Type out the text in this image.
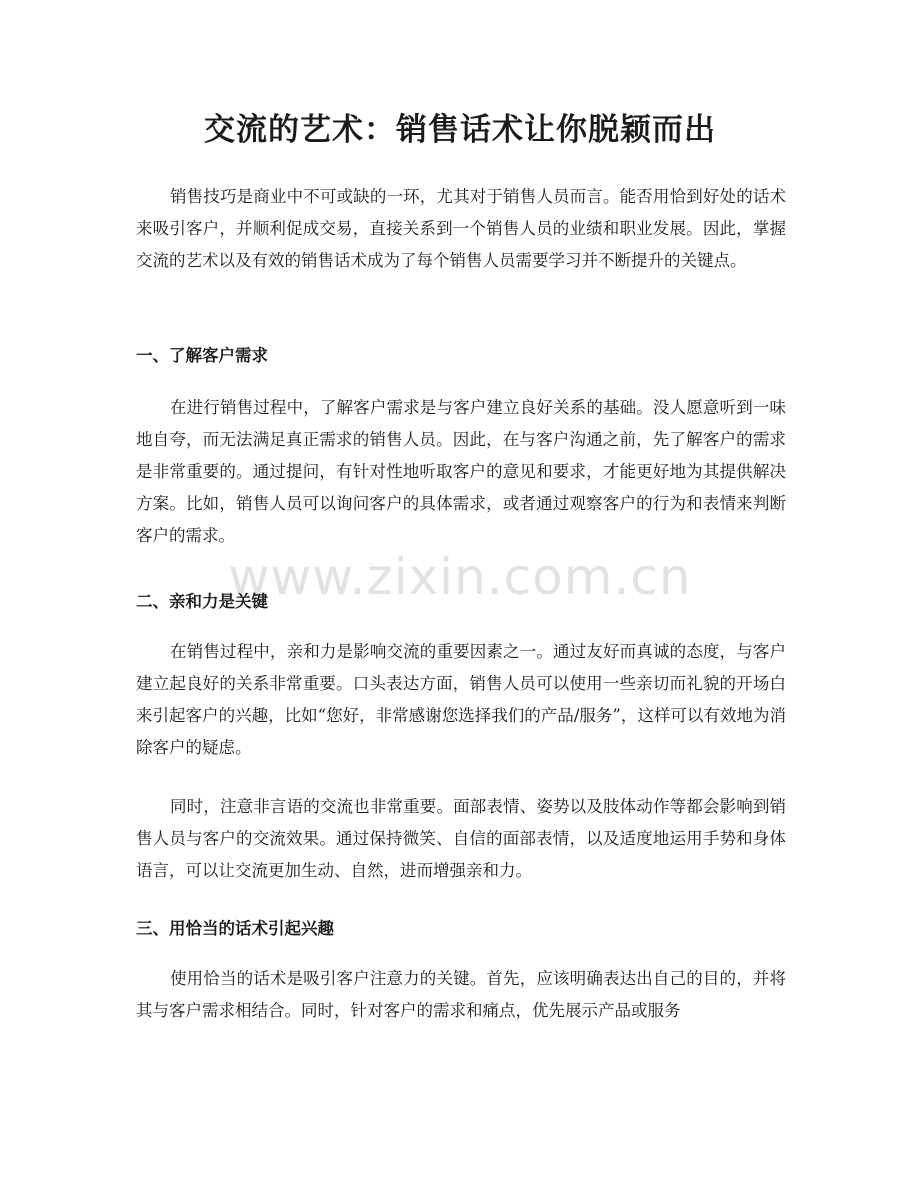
交流的艺术：销售话术让你脱颖而出

销售技巧是商业中不可或缺的一环，尤其对于销售人员而言。能否用恰到好处的话术来吸引客户，并顺利促成交易，直接关系到一个销售人员的业绩和职业发展。因此，掌握交流的艺术以及有效的销售话术成为了每个销售人员需要学习并不断提升的关键点。

一、了解客户需求

在进行销售过程中，了解客户需求是与客户建立良好关系的基础。没人愿意听到一味地自夸，而无法满足真正需求的销售人员。因此，在与客户沟通之前，先了解客户的需求是非常重要的。通过提问，有针对性地听取客户的意见和要求，才能更好地为其提供解决方案。比如，销售人员可以询问客户的具体需求，或者通过观察客户的行为和表情来判断客户的需求。

二、亲和力是关键

在销售过程中，亲和力是影响交流的重要因素之一。通过友好而真诚的态度，与客户建立起良好的关系非常重要。口头表达方面，销售人员可以使用一些亲切而礼貌的开场白来引起客户的兴趣，比如“您好，非常感谢您选择我们的产品/服务”，这样可以有效地为消除客户的疑虑。

同时，注意非言语的交流也非常重要。面部表情、姿势以及肢体动作等都会影响到销售人员与客户的交流效果。通过保持微笑、自信的面部表情，以及适度地运用手势和身体语言，可以让交流更加生动、自然，进而增强亲和力。

三、用恰当的话术引起兴趣

使用恰当的话术是吸引客户注意力的关键。首先，应该明确表达出自己的目的，并将其与客户需求相结合。同时，针对客户的需求和痛点，优先展示产品或服务

www.zixin.com.cn
